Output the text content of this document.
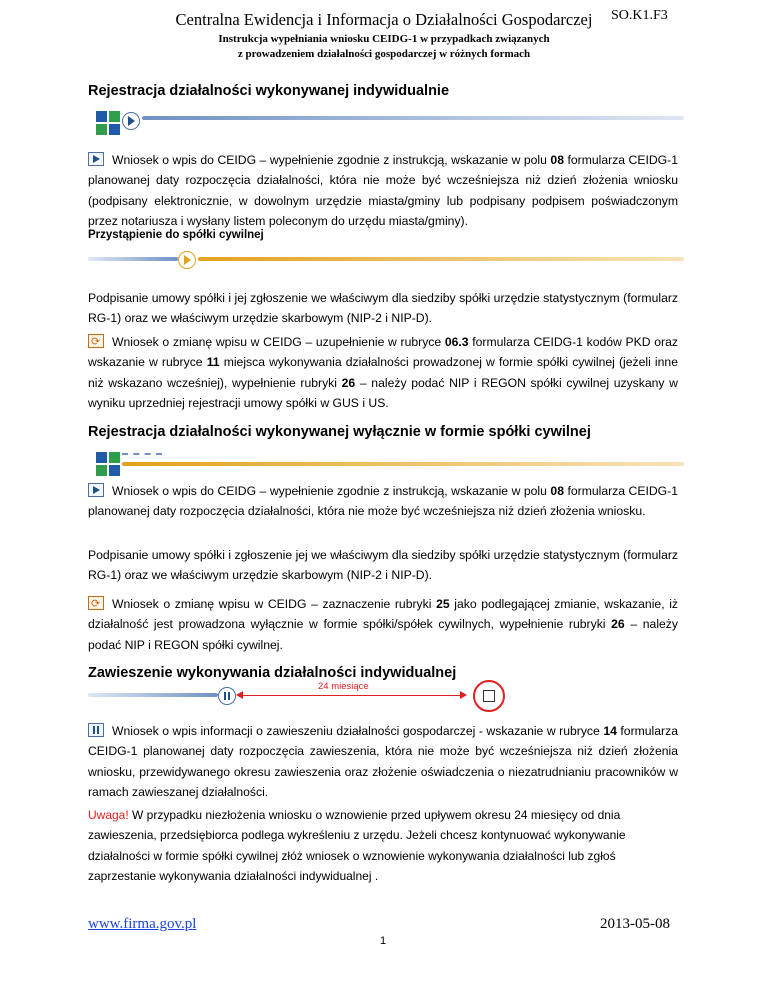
Centralna Ewidencja i Informacja o Działalności Gospodarczej	SO.K1.F3
Instrukcja wypełniania wniosku CEIDG-1 w przypadkach związanych
z prowadzeniem działalności gospodarczej w różnych formach
Rejestracja działalności wykonywanej indywidualnie
Wniosek o wpis do CEIDG – wypełnienie zgodnie z instrukcją, wskazanie w polu 08 formularza CEIDG-1 planowanej daty rozpoczęcia działalności, która nie może być wcześniejsza niż dzień złożenia wniosku (podpisany elektronicznie, w dowolnym urzędzie miasta/gminy lub podpisany podpisem poświadczonym przez notariusza i wysłany listem poleconym do urzędu miasta/gminy).
Przystąpienie do spółki cywilnej
Podpisanie umowy spółki i jej zgłoszenie we właściwym dla siedziby spółki urzędzie statystycznym (formularz RG-1) oraz we właściwym urzędzie skarbowym (NIP-2 i NIP-D).
⟳Wniosek o zmianę wpisu w CEIDG – uzupełnienie w rubryce 06.3 formularza CEIDG-1 kodów PKD oraz wskazanie w rubryce 11 miejsca wykonywania działalności prowadzonej w formie spółki cywilnej (jeżeli inne niż wskazano wcześniej), wypełnienie rubryki 26 – należy podać NIP i REGON spółki cywilnej uzyskany w wyniku uprzedniej rejestracji umowy spółki w GUS i US.
Rejestracja działalności wykonywanej wyłącznie w formie spółki cywilnej
Wniosek o wpis do CEIDG – wypełnienie zgodnie z instrukcją, wskazanie w polu 08 formularza CEIDG-1 planowanej daty rozpoczęcia działalności, która nie może być wcześniejsza niż dzień złożenia wniosku.
Podpisanie umowy spółki i zgłoszenie jej we właściwym dla siedziby spółki urzędzie statystycznym (formularz RG-1) oraz we właściwym urzędzie skarbowym (NIP-2 i NIP-D).
⟳Wniosek o zmianę wpisu w CEIDG – zaznaczenie rubryki 25 jako podlegającej zmianie, wskazanie, iż działalność jest prowadzona wyłącznie w formie spółki/spółek cywilnych, wypełnienie rubryki 26 – należy podać NIP i REGON spółki cywilnej.
Zawieszenie wykonywania działalności indywidualnej
24 miesiące
Wniosek o wpis informacji o zawieszeniu działalności gospodarczej - wskazanie w rubryce 14 formularza CEIDG-1 planowanej daty rozpoczęcia zawieszenia, która nie może być wcześniejsza niż dzień złożenia wniosku, przewidywanego okresu zawieszenia oraz złożenie oświadczenia o niezatrudnianiu pracowników w ramach zawieszanej działalności.
Uwaga! W przypadku niezłożenia wniosku o wznowienie przed upływem okresu 24 miesięcy od dnia zawieszenia, przedsiębiorca podlega wykreśleniu z urzędu. Jeżeli chcesz kontynuować wykonywanie działalności w formie spółki cywilnej złóż wniosek o wznowienie wykonywania działalności lub zgłoś zaprzestanie wykonywania działalności indywidualnej .
www.firma.gov.pl	2013-05-08
1
